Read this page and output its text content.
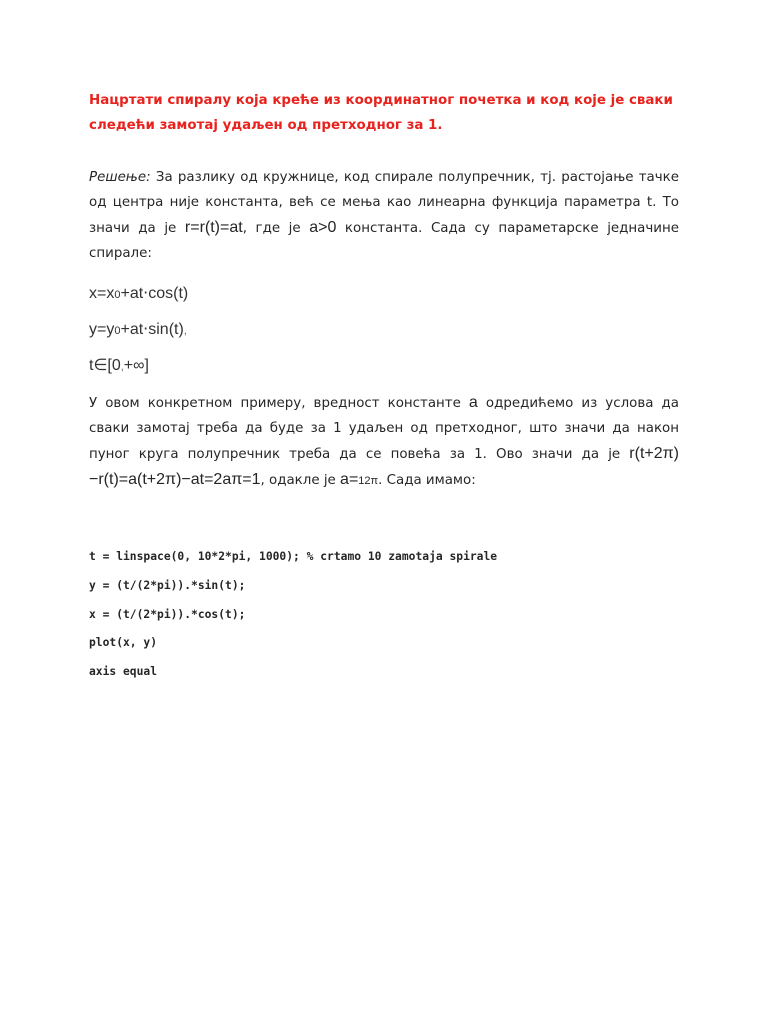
Нацртати спиралу која креће из координатног почетка и код које је сваки следећи замотај удаљен од претходног за 1.
Решење: За разлику од кружнице, код спирале полупречник, тј. растојање тачке од центра није константа, већ се мења као линеарна функција параметра t. То значи да је r=r(t)=at, где је a>0 константа. Сада су параметарске једначине спирале:
x=x0+at⋅cos(t)
y=y0+at⋅sin(t),
t∈[0,+∞]
У овом конкретном примеру, вредност константе a одредићемо из услова да сваки замотај треба да буде за 1 удаљен од претходног, што значи да након пуног круга полупречник треба да се повећа за 1. Ово значи да је r(t+2π)−r(t)=a(t+2π)−at=2aπ=1, одакле је a=12π. Сада имамо:
t = linspace(0, 10*2*pi, 1000); % crtamo 10 zamotaja spirale
y = (t/(2*pi)).*sin(t);
x = (t/(2*pi)).*cos(t);
plot(x, y)
axis equal
